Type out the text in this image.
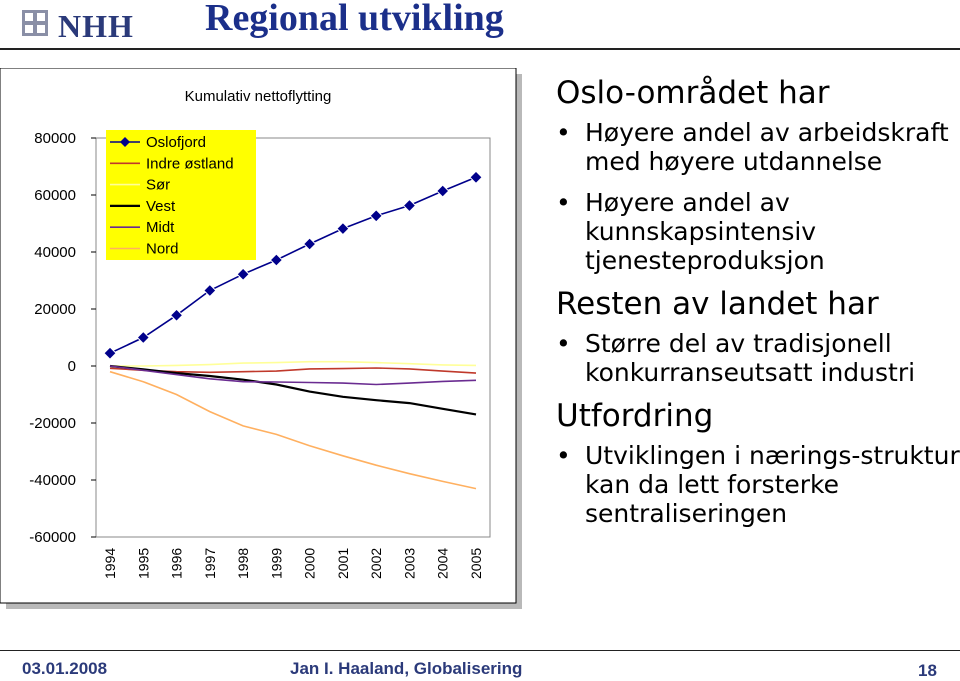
NHH Regional utvikling
Kumulativ nettoflytting
80000
60000
40000
20000
0
-20000
-40000
-60000
1994 1995 1996 1997 1998 1999 2000 2001 2002 2003 2004 2005
Oslofjord
Indre østland
Sør
Vest
Midt
Nord
Oslo-området har
• Høyere andel av arbeidskraft med høyere utdannelse
• Høyere andel av kunnskapsintensiv tjenesteproduksjon
Resten av landet har
• Større del av tradisjonell konkurranseutsatt industri
Utfordring
• Utviklingen i nærings-struktur kan da lett forsterke sentraliseringen
03.01.2008	Jan I. Haaland, Globalisering	18
